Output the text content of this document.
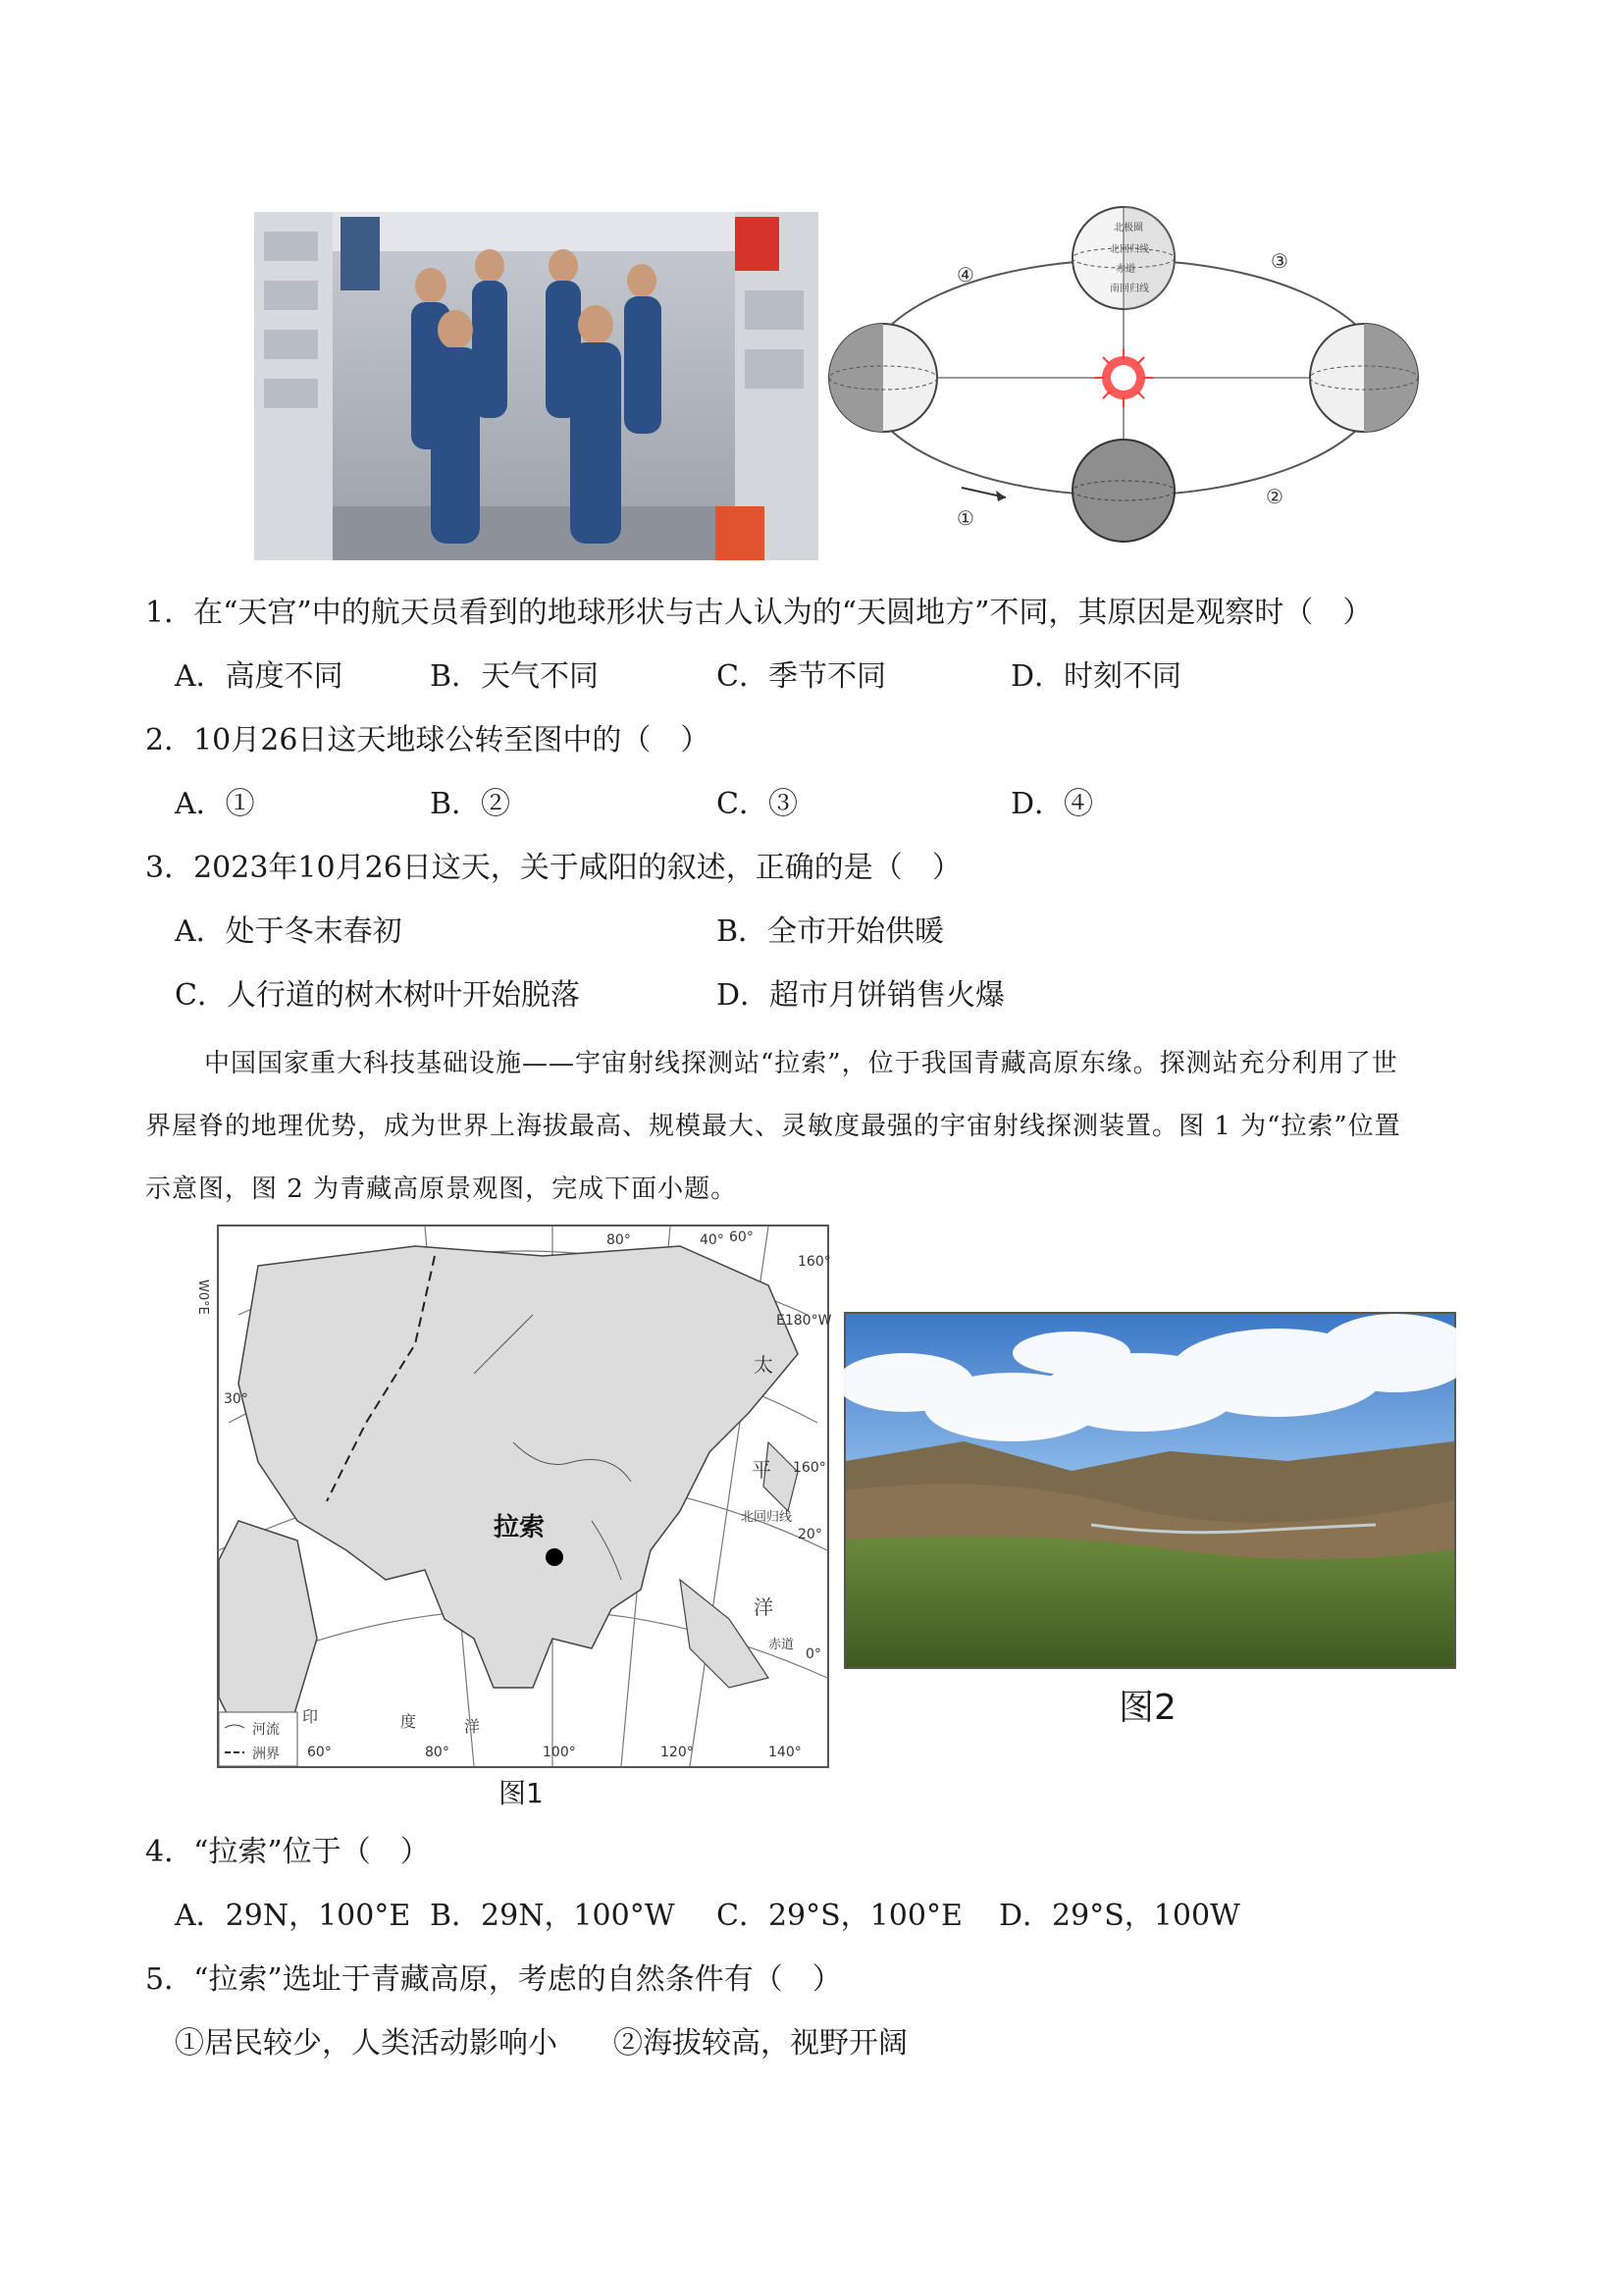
北极圈
北回归线
赤道
南回归线
①
②
③
④
1．在“天宫”中的航天员看到的地球形状与古人认为的“天圆地方”不同，其原因是观察时（　）
A．高度不同	B．天气不同	C．季节不同	D．时刻不同
2．10月26日这天地球公转至图中的（　）
A．①	B．②	C．③	D．④
3．2023年10月26日这天，关于咸阳的叙述，正确的是（　）
A．处于冬末春初	B．全市开始供暖
C．人行道的树木树叶开始脱落	D．超市月饼销售火爆
中国国家重大科技基础设施——宇宙射线探测站“拉索”，位于我国青藏高原东缘。探测站充分利用了世
界屋脊的地理优势，成为世界上海拔最高、规模最大、灵敏度最强的宇宙射线探测装置。图 1 为“拉索”位置
示意图，图 2 为青藏高原景观图，完成下面小题。
拉索
80°	40° 60°
60°	80°	100°	120°	140°
30°
160°
E180°W
160°
20°
0°
太
平
洋
印	度	洋
北回归线
赤道
W0°E
河流
洲界
图1
图2
4．“拉索”位于（　）
A．29N，100°E B．29N，100°W C．29°S，100°E D．29°S，100W
5．“拉索”选址于青藏高原，考虑的自然条件有（　）
①居民较少，人类活动影响小 ②海拔较高，视野开阔
